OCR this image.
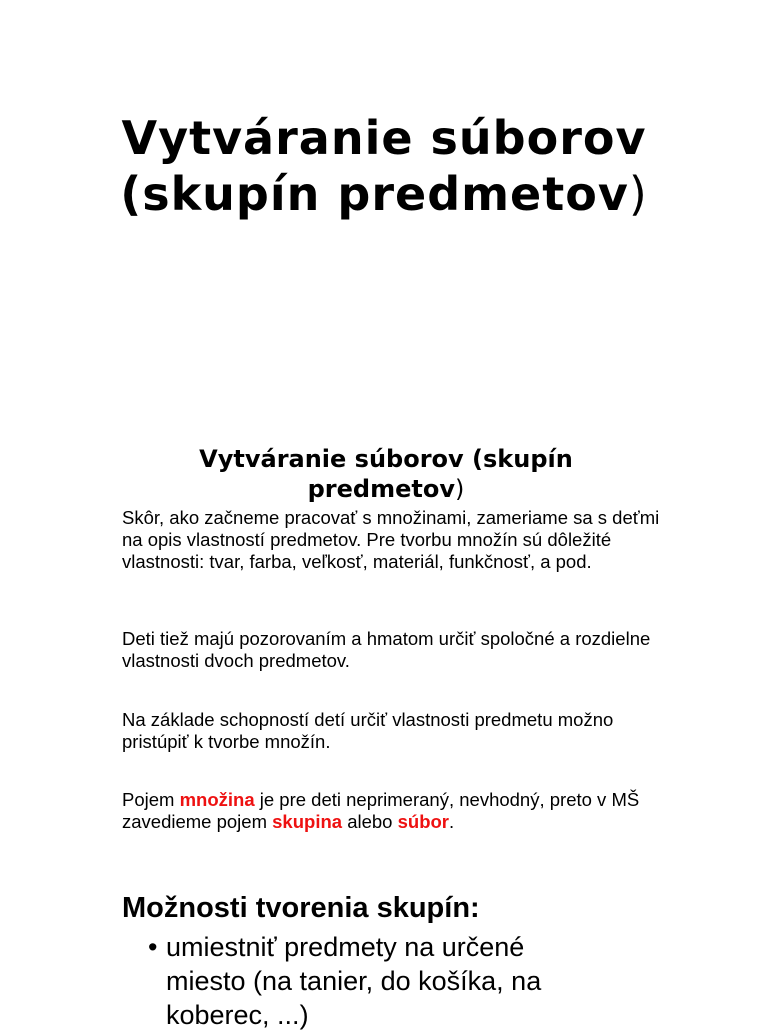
Vytváranie súborov
(skupín predmetov)
Vytváranie súborov (skupín predmetov)

Skôr, ako začneme pracovať s množinami, zameriame sa s deťmi na opis vlastností predmetov. Pre tvorbu množín sú dôležité vlastnosti: tvar, farba, veľkosť, materiál, funkčnosť, a pod.

Deti tiež majú pozorovaním a hmatom určiť spoločné a rozdielne vlastnosti dvoch predmetov.

Na základe schopností detí určiť vlastnosti predmetu možno pristúpiť k tvorbe množín.

Pojem množina je pre deti neprimeraný, nevhodný, preto v MŠ zavedieme pojem skupina alebo súbor.

Možnosti tvorenia skupín:
• umiestniť predmety na určené miesto (na tanier, do košíka, na koberec, ...)
